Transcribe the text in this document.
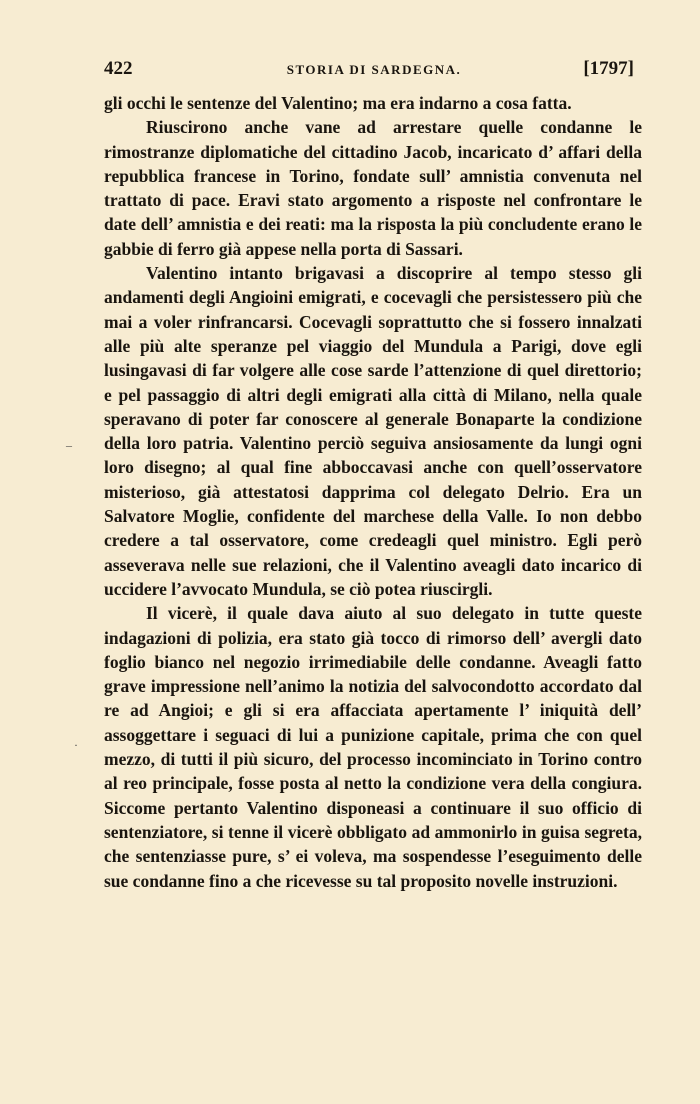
422	STORIA DI SARDEGNA.	[1797]

gli occhi le sentenze del Valentino; ma era indarno a cosa fatta.

Riuscirono anche vane ad arrestare quelle condanne le rimostranze diplomatiche del cittadino Jacob, incaricato d’ affari della repubblica francese in Torino, fondate sull’ amnistia convenuta nel trattato di pace. Eravi stato argomento a risposte nel confrontare le date dell’ amnistia e dei reati: ma la risposta la più concludente erano le gabbie di ferro già appese nella porta di Sassari.

Valentino intanto brigavasi a discoprire al tempo stesso gli andamenti degli Angioini emigrati, e cocevagli che persistessero più che mai a voler rinfrancarsi. Cocevagli soprattutto che si fossero innalzati alle più alte speranze pel viaggio del Mundula a Parigi, dove egli lusingavasi di far volgere alle cose sarde l’attenzione di quel direttorio; e pel passaggio di altri degli emigrati alla città di Milano, nella quale speravano di poter far conoscere al generale Bonaparte la condizione della loro patria. Valentino perciò seguiva ansiosamente da lungi ogni loro disegno; al qual fine abboccavasi anche con quell’osservatore misterioso, già attestatosi dapprima col delegato Delrio. Era un Salvatore Moglie, confidente del marchese della Valle. Io non debbo credere a tal osservatore, come credeagli quel ministro. Egli però asseverava nelle sue relazioni, che il Valentino aveagli dato incarico di uccidere l’avvocato Mundula, se ciò potea riuscirgli.

Il vicerè, il quale dava aiuto al suo delegato in tutte queste indagazioni di polizia, era stato già tocco di rimorso dell’ avergli dato foglio bianco nel negozio irrimediabile delle condanne. Aveagli fatto grave impressione nell’animo la notizia del salvocondotto accordato dal re ad Angioi; e gli si era affacciata apertamente l’ iniquità dell’ assoggettare i seguaci di lui a punizione capitale, prima che con quel mezzo, di tutti il più sicuro, del processo incominciato in Torino contro al reo principale, fosse posta al netto la condizione vera della congiura. Siccome pertanto Valentino disponeasi a continuare il suo officio di sentenziatore, si tenne il vicerè obbligato ad ammonirlo in guisa segreta, che sentenziasse pure, s’ ei voleva, ma sospendesse l’eseguimento delle sue condanne fino a che ricevesse su tal proposito novelle instruzioni.

–
·
